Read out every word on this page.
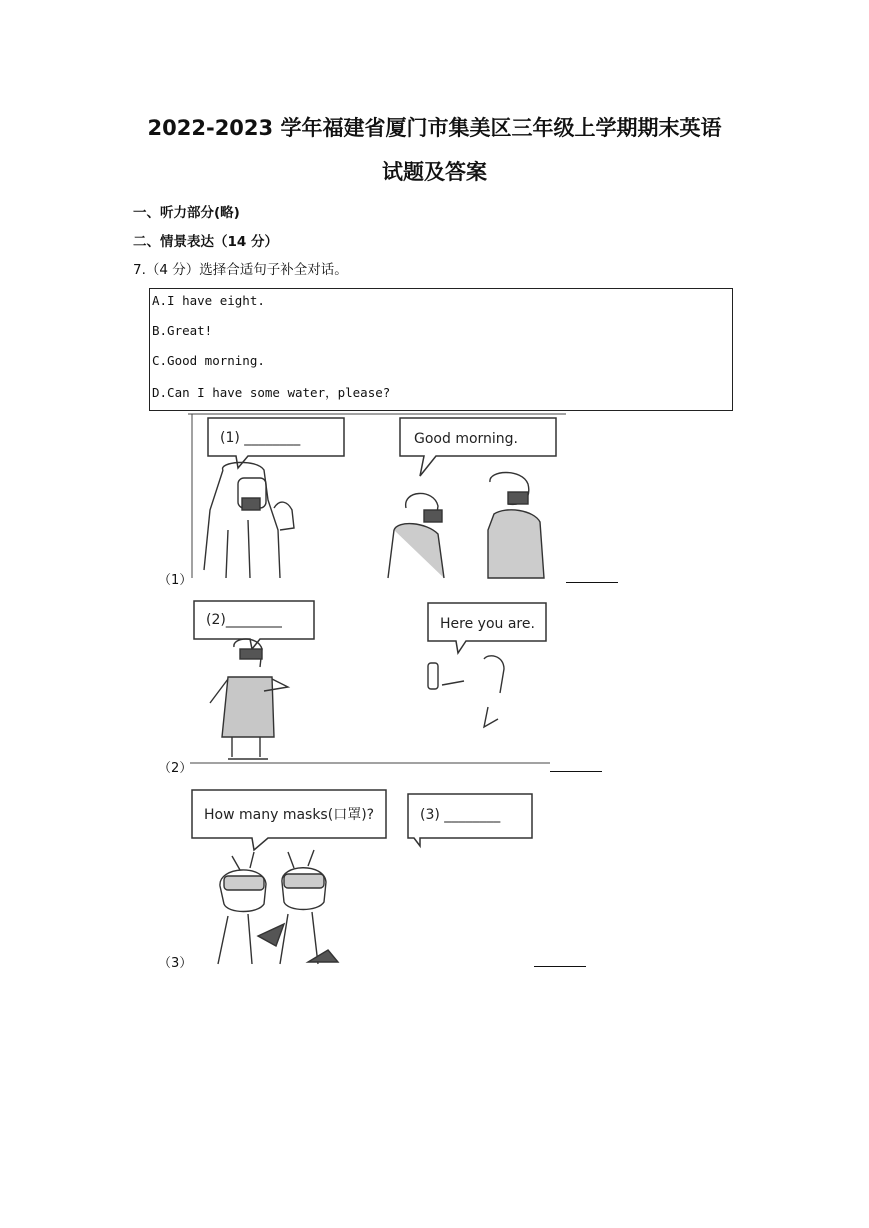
2022-2023 学年福建省厦门市集美区三年级上学期期末英语
试题及答案
一、听力部分(略)
二、情景表达（14 分）
7.（4 分）选择合适句子补全对话。
A.I have eight.
B.Great!
C.Good morning.
D.Can I have some water，please?
(1) ________	Good morning.
（1）
(2)________	Here you are.
（2）
How many masks(口罩)?	(3) ________
（3）
